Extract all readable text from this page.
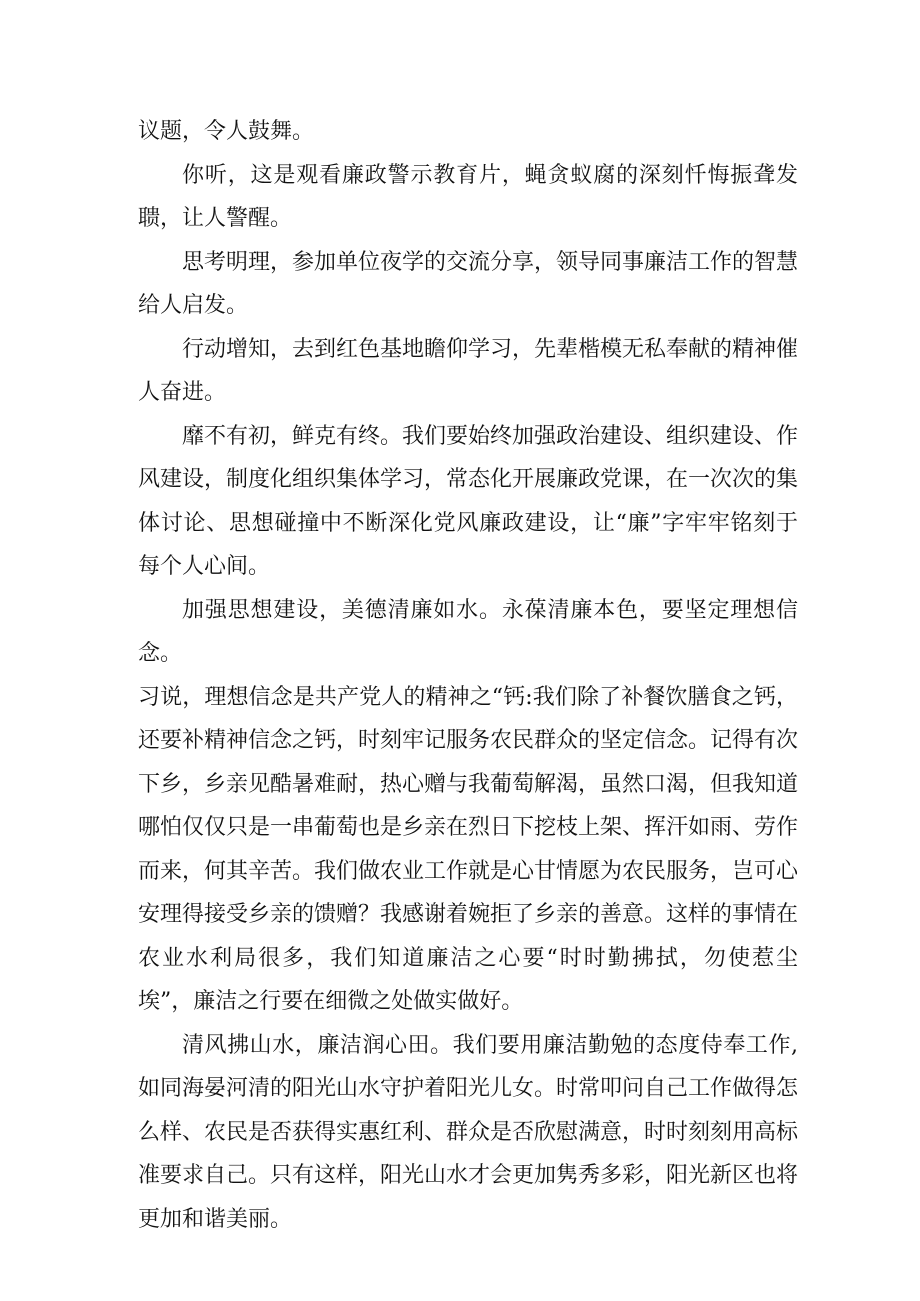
议题，令人鼓舞。

你听，这是观看廉政警示教育片，蝇贪蚁腐的深刻忏悔振聋发聩，让人警醒。

思考明理，参加单位夜学的交流分享，领导同事廉洁工作的智慧给人启发。

行动增知，去到红色基地瞻仰学习，先辈楷模无私奉献的精神催人奋进。

靡不有初，鲜克有终。我们要始终加强政治建设、组织建设、作风建设，制度化组织集体学习，常态化开展廉政党课，在一次次的集体讨论、思想碰撞中不断深化党风廉政建设，让“廉”字牢牢铭刻于每个人心间。

加强思想建设，美德清廉如水。永葆清廉本色，要坚定理想信念。

习说，理想信念是共产党人的精神之“钙:我们除了补餐饮膳食之钙，还要补精神信念之钙，时刻牢记服务农民群众的坚定信念。记得有次下乡，乡亲见酷暑难耐，热心赠与我葡萄解渴，虽然口渴，但我知道哪怕仅仅只是一串葡萄也是乡亲在烈日下挖枝上架、挥汗如雨、劳作而来，何其辛苦。我们做农业工作就是心甘情愿为农民服务，岂可心安理得接受乡亲的馈赠？我感谢着婉拒了乡亲的善意。这样的事情在农业水利局很多，我们知道廉洁之心要“时时勤拂拭，勿使惹尘埃”，廉洁之行要在细微之处做实做好。

清风拂山水，廉洁润心田。我们要用廉洁勤勉的态度侍奉工作,如同海晏河清的阳光山水守护着阳光儿女。时常叩问自己工作做得怎么样、农民是否获得实惠红利、群众是否欣慰满意，时时刻刻用高标准要求自己。只有这样，阳光山水才会更加隽秀多彩，阳光新区也将更加和谐美丽。
